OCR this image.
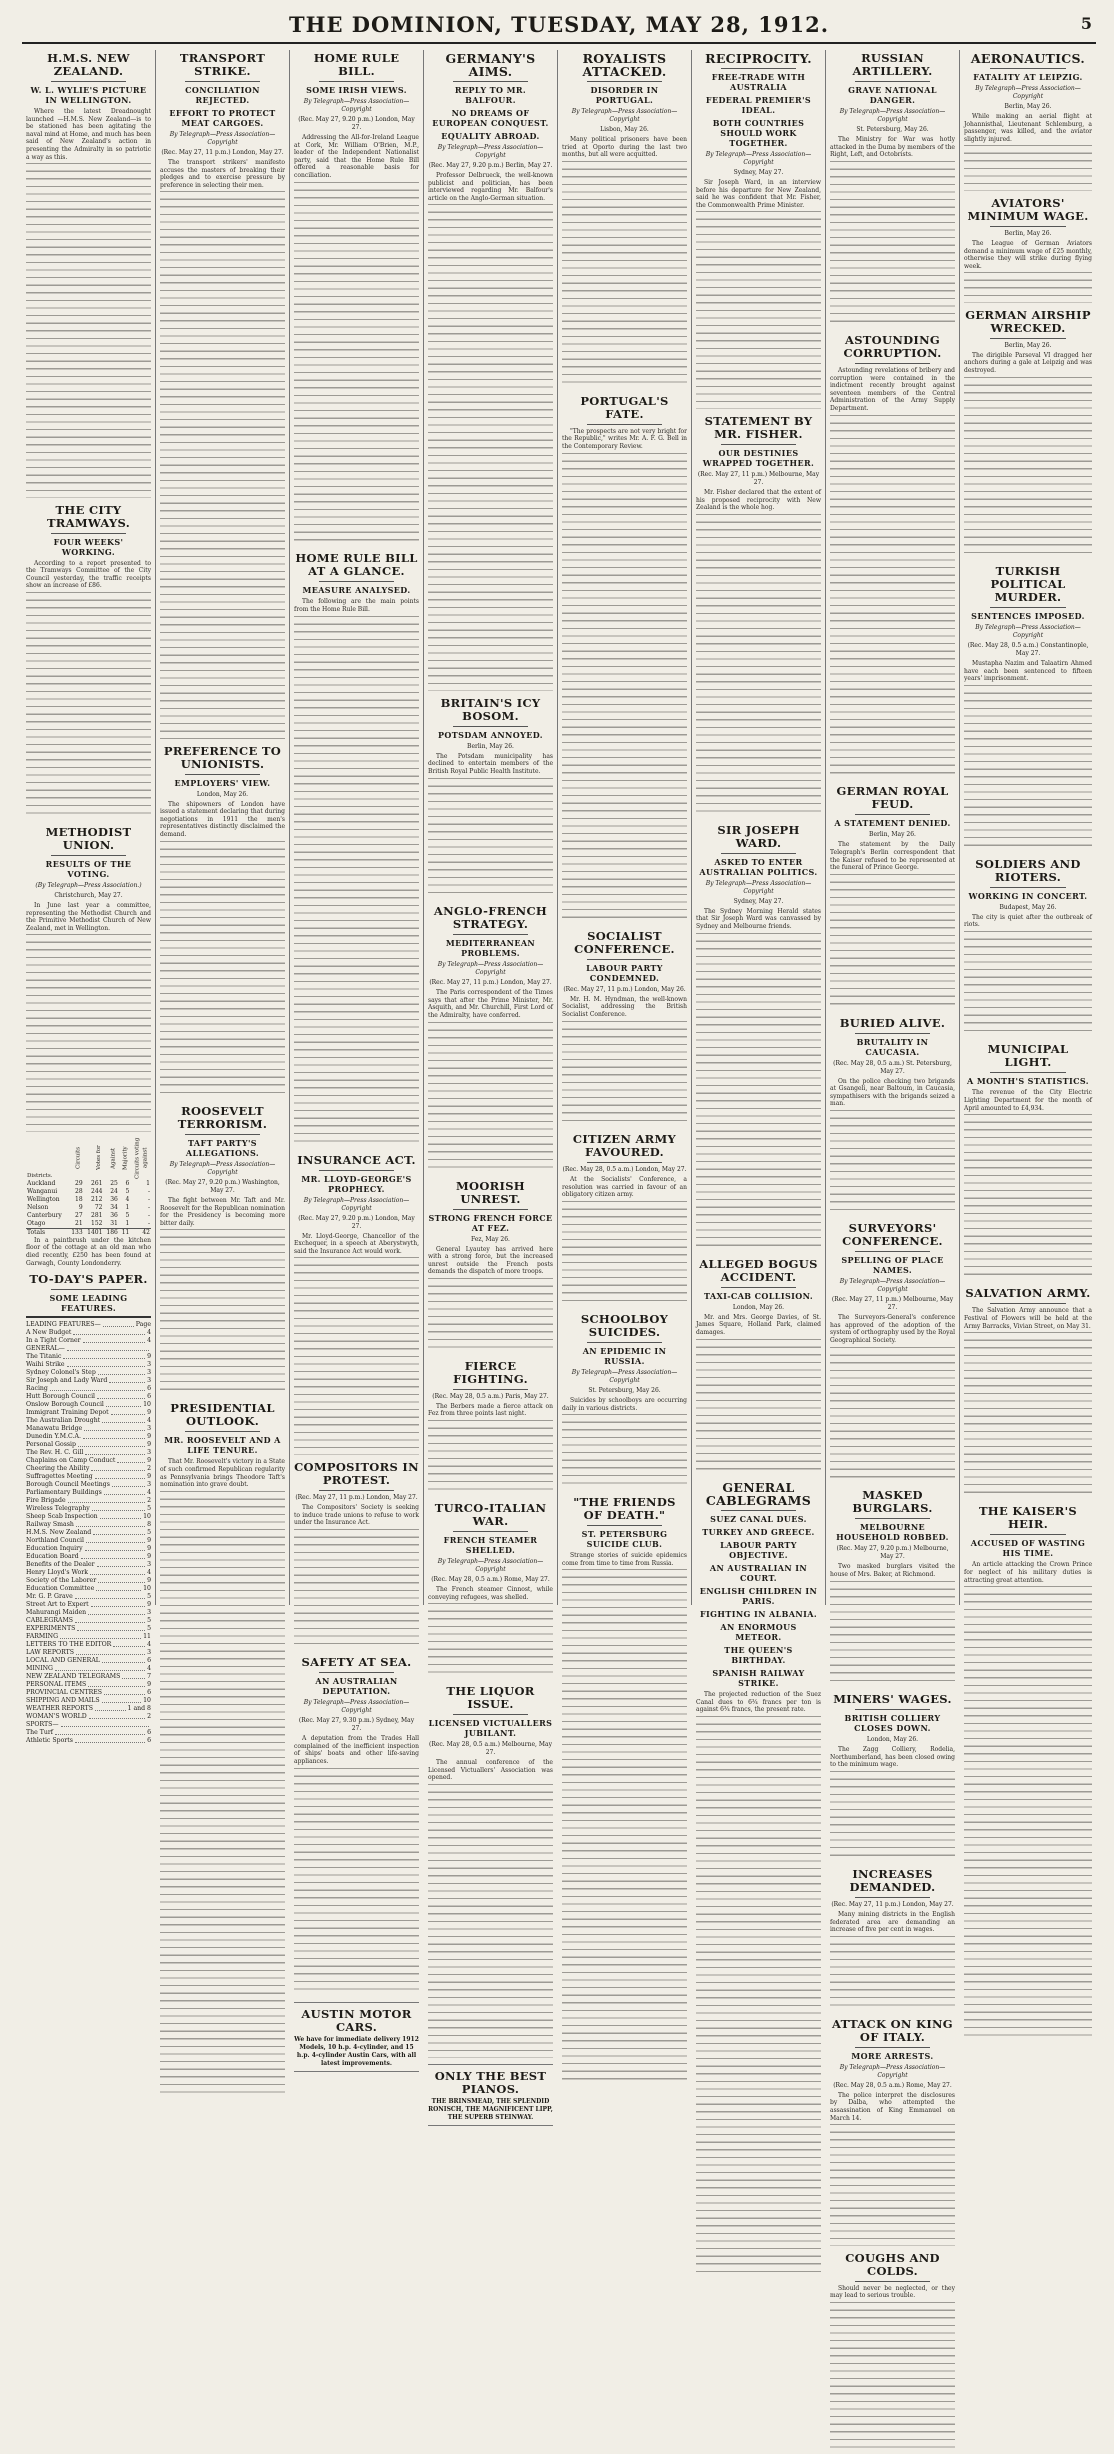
THE DOMINION, TUESDAY, MAY 28, 1912.	5
H.M.S. NEW ZEALAND.
W. L. WYLIE'S PICTURE IN WELLINGTON.

Where the latest Dreadnought launched —H.M.S. New Zealand—is to be stationed has been agitating the naval mind at Home, and much has been said of New Zealand's action in presenting the Admiralty in so patriotic a way as this.

THE CITY TRAMWAYS.
FOUR WEEKS' WORKING.

According to a report presented to the Tramways Committee of the City Council yesterday, the traffic receipts show an increase of £86.

METHODIST UNION.
RESULTS OF THE VOTING.
(By Telegraph—Press Association.)
Christchurch, May 27.

In June last year a committee, representing the Methodist Church and the Primitive Methodist Church of New Zealand, met in Wellington.

Districts.	Circuits	Votes for	Against	Majority	Circuits voting against
Auckland	29	261	25	6	1
Wanganui	28	244	24	5	-
Wellington	18	212	36	4	-
Nelson	9	72	34	1	-
Canterbury	27	281	36	5	-
Otago	21	152	31	1	-
Totals	133	1401	186	11	42

In a paintbrush under the kitchen floor of the cottage at an old man who died recently, £250 has been found at Garwagh, County Londonderry.

TO-DAY'S PAPER.
SOME LEADING FEATURES.
LEADING FEATURES—	Page
A New Budget	4
In a Tight Corner	4
GENERAL—
The Titanic	9
Waihi Strike	3
Sydney Colonel's Step	3
Sir Joseph and Lady Ward	3
Racing	6
Hutt Borough Council	6
Onslow Borough Council	10
Immigrant Training Depot	9
The Australian Drought	4
Manawatu Bridge	3
Dunedin Y.M.C.A.	9
Personal Gossip	9
The Rev. H. C. Gill	3
Chaplains on Camp Conduct	9
Cheering the Ability	2
Suffragettes Meeting	9
Borough Council Meetings	3
Parliamentary Buildings	4
Fire Brigade	2
Wireless Telegraphy	5
Sheep Scab Inspection	10
Railway Smash	8
H.M.S. New Zealand	5
Northland Council	9
Education Inquiry	9
Education Board	9
Benefits of the Dealer	3
Henry Lloyd's Work	4
Society of the Laborer	9
Education Committee	10
Mr. G. P. Grave	5
Street Art to Expert	9
Mahurangi Maiden	3
CABLEGRAMS	5
EXPERIMENTS	5
FARMING	11
LETTERS TO THE EDITOR	4
LAW REPORTS	3
LOCAL AND GENERAL	6
MINING	4
NEW ZEALAND TELEGRAMS	7
PERSONAL ITEMS	9
PROVINCIAL CENTRES	6
SHIPPING AND MAILS	10
WEATHER REPORTS	1 and 8
WOMAN'S WORLD	2
SPORTS—
The Turf	6
Athletic Sports	6
TRANSPORT STRIKE.
CONCILIATION REJECTED.
EFFORT TO PROTECT MEAT CARGOES.
By Telegraph—Press Association—Copyright
(Rec. May 27, 11 p.m.) London, May 27.

The transport strikers' manifesto accuses the masters of breaking their pledges and to exercise pressure by preference in selecting their men.

PREFERENCE TO UNIONISTS.
EMPLOYERS' VIEW.
London, May 26.

The shipowners of London have issued a statement declaring that during negotiations in 1911 the men's representatives distinctly disclaimed the demand.

ROOSEVELT TERRORISM.
TAFT PARTY'S ALLEGATIONS.
By Telegraph—Press Association—Copyright
(Rec. May 27, 9.20 p.m.) Washington, May 27.

The fight between Mr. Taft and Mr. Roosevelt for the Republican nomination for the Presidency is becoming more bitter daily.

PRESIDENTIAL OUTLOOK.
MR. ROOSEVELT AND A LIFE TENURE.

That Mr. Roosevelt's victory in a State of such confirmed Republican regularity as Pennsylvania brings Theodore Taft's nomination into grave doubt.

HOME RULE BILL.
SOME IRISH VIEWS.
By Telegraph—Press Association—Copyright
(Rec. May 27, 9.20 p.m.) London, May 27.

Addressing the All-for-Ireland League at Cork, Mr. William O'Brien, M.P., leader of the Independent Nationalist party, said that the Home Rule Bill offered a reasonable basis for conciliation.

HOME RULE BILL AT A GLANCE.
MEASURE ANALYSED.

The following are the main points from the Home Rule Bill.

INSURANCE ACT.
MR. LLOYD-GEORGE'S PROPHECY.
By Telegraph—Press Association—Copyright
(Rec. May 27, 9.20 p.m.) London, May 27.

Mr. Lloyd-George, Chancellor of the Exchequer, in a speech at Aberystwyth, said the Insurance Act would work.

COMPOSITORS IN PROTEST.
(Rec. May 27, 11 p.m.) London, May 27.

The Compositors' Society is seeking to induce trade unions to refuse to work under the Insurance Act.

SAFETY AT SEA.
AN AUSTRALIAN DEPUTATION.
By Telegraph—Press Association—Copyright
(Rec. May 27, 9.30 p.m.) Sydney, May 27.

A deputation from the Trades Hall complained of the inefficient inspection of ships' boats and other life-saving appliances.

AUSTIN MOTOR CARS.
We have for immediate delivery 1912 Models, 10 h.p. 4-cylinder, and 15 h.p. 4-cylinder Austin Cars, with all latest improvements.
GERMANY'S AIMS.
REPLY TO MR. BALFOUR.
NO DREAMS OF EUROPEAN CONQUEST.
EQUALITY ABROAD.
By Telegraph—Press Association—Copyright
(Rec. May 27, 9.20 p.m.) Berlin, May 27.

Professor Delbrueck, the well-known publicist and politician, has been interviewed regarding Mr. Balfour's article on the Anglo-German situation.

BRITAIN'S ICY BOSOM.
POTSDAM ANNOYED.
Berlin, May 26.

The Potsdam municipality has declined to entertain members of the British Royal Public Health Institute.

ANGLO-FRENCH STRATEGY.
MEDITERRANEAN PROBLEMS.
By Telegraph—Press Association—Copyright
(Rec. May 27, 11 p.m.) London, May 27.

The Paris correspondent of the Times says that after the Prime Minister, Mr. Asquith, and Mr. Churchill, First Lord of the Admiralty, have conferred.

MOORISH UNREST.
STRONG FRENCH FORCE AT FEZ.
Fez, May 26.

General Lyautey has arrived here with a strong force, but the increased unrest outside the French posts demands the dispatch of more troops.

FIERCE FIGHTING.
(Rec. May 28, 0.5 a.m.) Paris, May 27.

The Berbers made a fierce attack on Fez from three points last night.

TURCO-ITALIAN WAR.
FRENCH STEAMER SHELLED.
By Telegraph—Press Association—Copyright
(Rec. May 28, 0.5 a.m.) Rome, May 27.

The French steamer Cinnost, while conveying refugees, was shelled.

THE LIQUOR ISSUE.
LICENSED VICTUALLERS JUBILANT.
(Rec. May 28, 0.5 a.m.) Melbourne, May 27.

The annual conference of the Licensed Victuallers' Association was opened.

ONLY THE BEST PIANOS.
THE BRINSMEAD, THE SPLENDID RONISCH, THE MAGNIFICENT LIPP, THE SUPERB STEINWAY.
ROYALISTS ATTACKED.
DISORDER IN PORTUGAL.
By Telegraph—Press Association—Copyright
Lisbon, May 26.

Many political prisoners have been tried at Oporto during the last two months, but all were acquitted.

PORTUGAL'S FATE.

"The prospects are not very bright for the Republic," writes Mr. A. F. G. Bell in the Contemporary Review.

SOCIALIST CONFERENCE.
LABOUR PARTY CONDEMNED.
(Rec. May 27, 11 p.m.) London, May 26.

Mr. H. M. Hyndman, the well-known Socialist, addressing the British Socialist Conference.

CITIZEN ARMY FAVOURED.
(Rec. May 28, 0.5 a.m.) London, May 27.

At the Socialists' Conference, a resolution was carried in favour of an obligatory citizen army.

SCHOOLBOY SUICIDES.
AN EPIDEMIC IN RUSSIA.
By Telegraph—Press Association—Copyright
St. Petersburg, May 26.

Suicides by schoolboys are occurring daily in various districts.

"THE FRIENDS OF DEATH."
ST. PETERSBURG SUICIDE CLUB.

Strange stories of suicide epidemics come from time to time from Russia.

RECIPROCITY.
FREE-TRADE WITH AUSTRALIA
FEDERAL PREMIER'S IDEAL.
BOTH COUNTRIES SHOULD WORK TOGETHER.
By Telegraph—Press Association—Copyright
Sydney, May 27.

Sir Joseph Ward, in an interview before his departure for New Zealand, said he was confident that Mr. Fisher, the Commonwealth Prime Minister.

STATEMENT BY MR. FISHER.
OUR DESTINIES WRAPPED TOGETHER.
(Rec. May 27, 11 p.m.) Melbourne, May 27.

Mr. Fisher declared that the extent of his proposed reciprocity with New Zealand is the whole hog.

SIR JOSEPH WARD.
ASKED TO ENTER AUSTRALIAN POLITICS.
By Telegraph—Press Association—Copyright
Sydney, May 27.

The Sydney Morning Herald states that Sir Joseph Ward was canvassed by Sydney and Melbourne friends.

ALLEGED BOGUS ACCIDENT.
TAXI-CAB COLLISION.
London, May 26.

Mr. and Mrs. George Davies, of St. James Square, Holland Park, claimed damages.

GENERAL CABLEGRAMS
SUEZ CANAL DUES.
TURKEY AND GREECE.
LABOUR PARTY OBJECTIVE.
AN AUSTRALIAN IN COURT.
ENGLISH CHILDREN IN PARIS.
FIGHTING IN ALBANIA.
AN ENORMOUS METEOR.
THE QUEEN'S BIRTHDAY.
SPANISH RAILWAY STRIKE.

The projected reduction of the Suez Canal dues to 6¾ francs per ton is against 6¾ francs, the present rate.

RUSSIAN ARTILLERY.
GRAVE NATIONAL DANGER.
By Telegraph—Press Association—Copyright
St. Petersburg, May 26.

The Ministry for War was hotly attacked in the Duma by members of the Right, Left, and Octobrists.

ASTOUNDING CORRUPTION.

Astounding revelations of bribery and corruption were contained in the indictment recently brought against seventeen members of the Central Administration of the Army Supply Department.

GERMAN ROYAL FEUD.
A STATEMENT DENIED.
Berlin, May 26.

The statement by the Daily Telegraph's Berlin correspondent that the Kaiser refused to be represented at the funeral of Prince George.

BURIED ALIVE.
BRUTALITY IN CAUCASIA.
(Rec. May 28, 0.5 a.m.) St. Petersburg, May 27.

On the police checking two brigands at Gsangeli, near Baltoum, in Caucasia, sympathisers with the brigands seized a man.

SURVEYORS' CONFERENCE.
SPELLING OF PLACE NAMES.
By Telegraph—Press Association—Copyright
(Rec. May 27, 11 p.m.) Melbourne, May 27.

The Surveyors-General's conference has approved of the adoption of the system of orthography used by the Royal Geographical Society.

MASKED BURGLARS.
MELBOURNE HOUSEHOLD ROBBED.
(Rec. May 27, 9.20 p.m.) Melbourne, May 27.

Two masked burglars visited the house of Mrs. Baker, at Richmond.

MINERS' WAGES.
BRITISH COLLIERY CLOSES DOWN.
London, May 26.

The Zagg Colliery, Rodelia, Northumberland, has been closed owing to the minimum wage.

INCREASES DEMANDED.
(Rec. May 27, 11 p.m.) London, May 27.

Many mining districts in the English federated area are demanding an increase of five per cent in wages.

ATTACK ON KING OF ITALY.
MORE ARRESTS.
By Telegraph—Press Association—Copyright
(Rec. May 28, 0.5 a.m.) Rome, May 27.

The police interpret the disclosures by Dalba, who attempted the assassination of King Emmanuel on March 14.

COUGHS AND COLDS.

Should never be neglected, or they may lead to serious trouble.

AERONAUTICS.
FATALITY AT LEIPZIG.
By Telegraph—Press Association—Copyright
Berlin, May 26.

While making an aerial flight at Johannisthal, Lieutenant Schlemburg, a passenger, was killed, and the aviator slightly injured.

AVIATORS' MINIMUM WAGE.
Berlin, May 26.

The League of German Aviators demand a minimum wage of £25 monthly, otherwise they will strike during flying week.

GERMAN AIRSHIP WRECKED.
Berlin, May 26.

The dirigible Parseval VI dragged her anchors during a gale at Leipzig and was destroyed.

TURKISH POLITICAL MURDER.
SENTENCES IMPOSED.
By Telegraph—Press Association—Copyright
(Rec. May 28, 0.5 a.m.) Constantinople, May 27.

Mustapha Nazim and Talaatirn Ahmed have each been sentenced to fifteen years' imprisonment.

SOLDIERS AND RIOTERS.
WORKING IN CONCERT.
Budapest, May 26.

The city is quiet after the outbreak of riots.

MUNICIPAL LIGHT.
A MONTH'S STATISTICS.

The revenue of the City Electric Lighting Department for the month of April amounted to £4,934.

SALVATION ARMY.

The Salvation Army announce that a Festival of Flowers will be held at the Army Barracks, Vivian Street, on May 31.

THE KAISER'S HEIR.
ACCUSED OF WASTING HIS TIME.

An article attacking the Crown Prince for neglect of his military duties is attracting great attention.
